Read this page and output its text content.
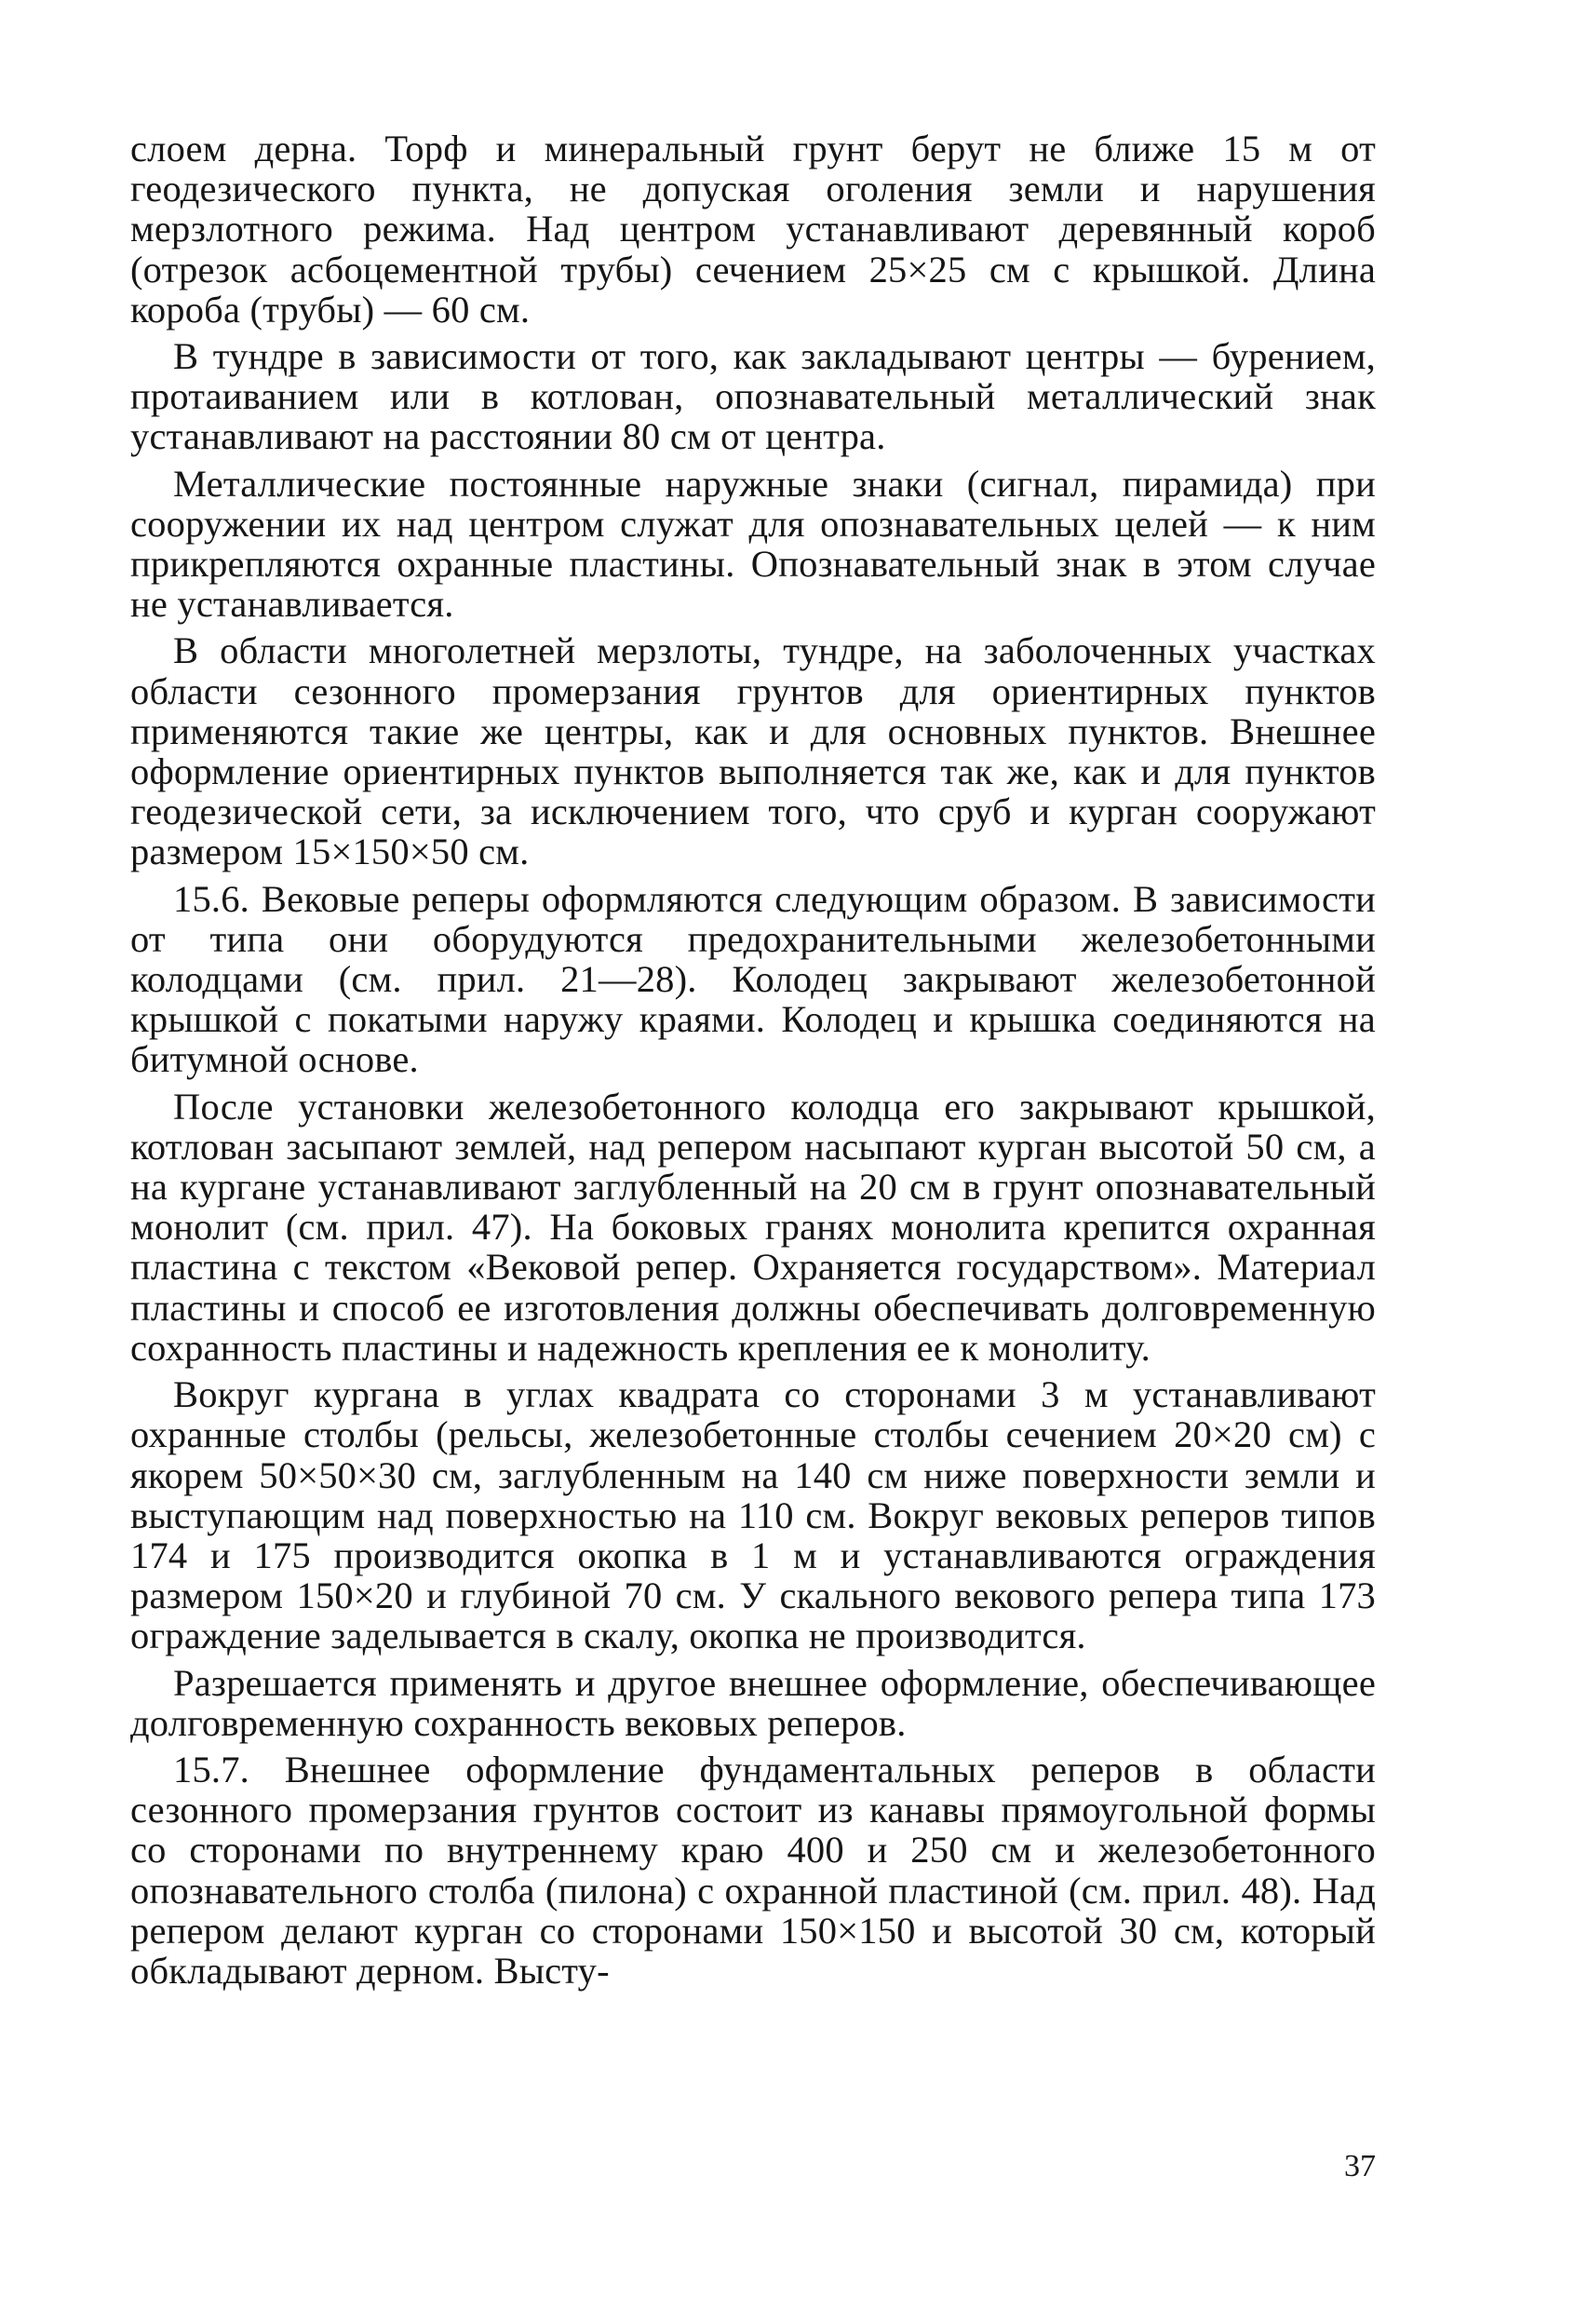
слоем дерна. Торф и минеральный грунт берут не ближе 15 м от геодезического пункта, не допуская оголения земли и нарушения мерзлотного режима. Над центром устанавливают деревянный короб (отрезок асбоцементной трубы) сечением 25×25 см с крышкой. Длина короба (трубы) — 60 см.

В тундре в зависимости от того, как закладывают центры — бурением, протаиванием или в котлован, опознавательный металлический знак устанавливают на расстоянии 80 см от центра.

Металлические постоянные наружные знаки (сигнал, пирамида) при сооружении их над центром служат для опознавательных целей — к ним прикрепляются охранные пластины. Опознавательный знак в этом случае не устанавливается.

В области многолетней мерзлоты, тундре, на заболоченных участках области сезонного промерзания грунтов для ориентирных пунктов применяются такие же центры, как и для основных пунктов. Внешнее оформление ориентирных пунктов выполняется так же, как и для пунктов геодезической сети, за исключением того, что сруб и курган сооружают размером 15×150×50 см.

15.6. Вековые реперы оформляются следующим образом. В зависимости от типа они оборудуются предохранительными железобетонными колодцами (см. прил. 21—28). Колодец закрывают железобетонной крышкой с покатыми наружу краями. Колодец и крышка соединяются на битумной основе.

После установки железобетонного колодца его закрывают крышкой, котлован засыпают землей, над репером насыпают курган высотой 50 см, а на кургане устанавливают заглубленный на 20 см в грунт опознавательный монолит (см. прил. 47). На боковых гранях монолита крепится охранная пластина с текстом «Вековой репер. Охраняется государством». Материал пластины и способ ее изготовления должны обеспечивать долговременную сохранность пластины и надежность крепления ее к монолиту.

Вокруг кургана в углах квадрата со сторонами 3 м устанавливают охранные столбы (рельсы, железобетонные столбы сечением 20×20 см) с якорем 50×50×30 см, заглубленным на 140 см ниже поверхности земли и выступающим над поверхностью на 110 см. Вокруг вековых реперов типов 174 и 175 производится окопка в 1 м и устанавливаются ограждения размером 150×20 и глубиной 70 см. У скального векового репера типа 173 ограждение заделывается в скалу, окопка не производится.

Разрешается применять и другое внешнее оформление, обеспечивающее долговременную сохранность вековых реперов.

15.7. Внешнее оформление фундаментальных реперов в области сезонного промерзания грунтов состоит из канавы прямоугольной формы со сторонами по внутреннему краю 400 и 250 см и железобетонного опознавательного столба (пилона) с охранной пластиной (см. прил. 48). Над репером делают курган со сторонами 150×150 и высотой 30 см, который обкладывают дерном. Высту-

37
